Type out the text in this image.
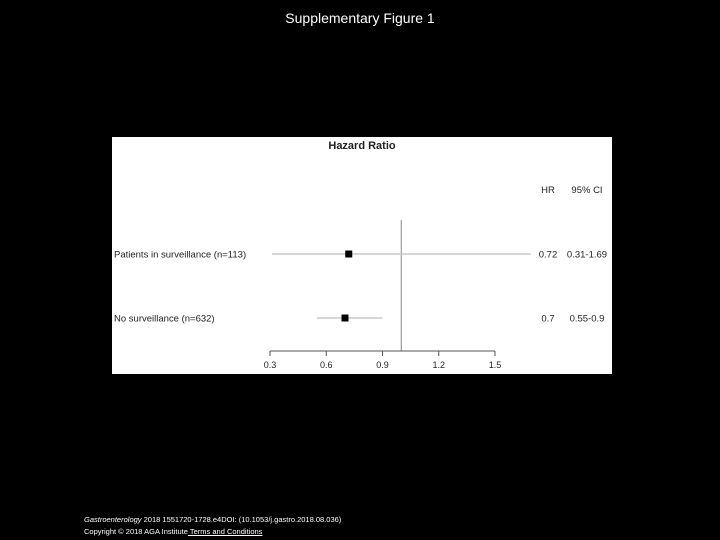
Supplementary Figure 1
Hazard Ratio
HR 95% CI
Patients in surveillance (n=113)	0.72 0.31-1.69
No surveillance (n=632)	0.7 0.55-0.9
0.3	0.6	0.9	1.2	1.5
Gastroenterology 2018 1551720-1728.e4DOI: (10.1053/j.gastro.2018.08.036)
Copyright © 2018 AGA Institute Terms and Conditions
